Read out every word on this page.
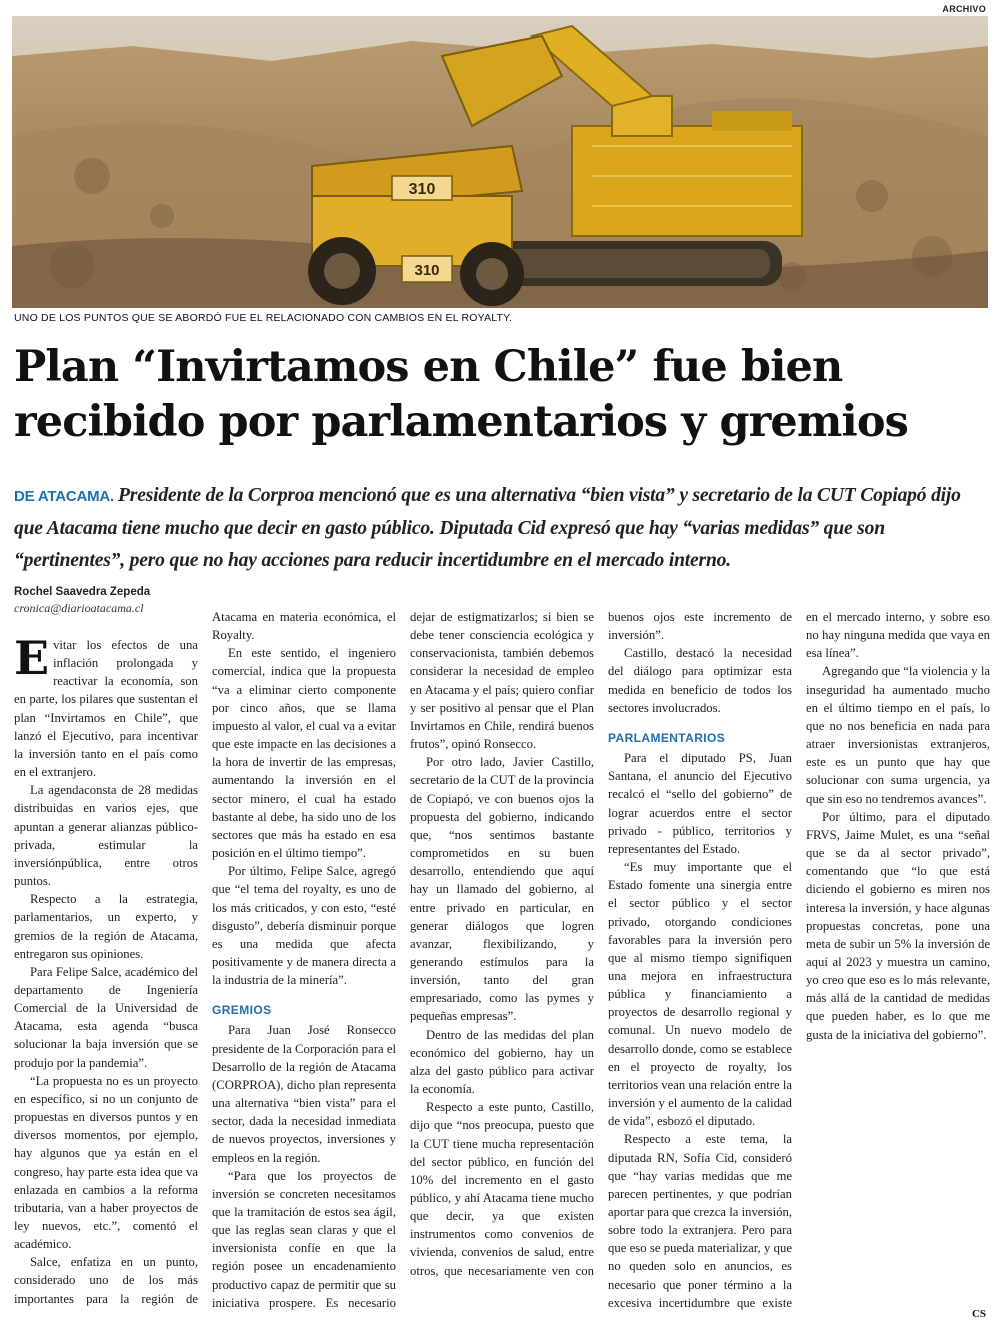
ARCHIVO
310
310
UNO DE LOS PUNTOS QUE SE ABORDÓ FUE EL RELACIONADO CON CAMBIOS EN EL ROYALTY.
Plan “Invirtamos en Chile” fue bien recibido por parlamentarios y gremios

DE ATACAMA. Presidente de la Corproa mencionó que es una alternativa “bien vista” y secretario de la CUT Copiapó dijo que Atacama tiene mucho que decir en gasto público. Diputada Cid expresó que hay “varias medidas” que son “pertinentes”, pero que no hay acciones para reducir incertidumbre en el mercado interno.

Rochel Saavedra Zepeda
cronica@diarioatacama.cl

Evitar los efectos de una inflación prolongada y reactivar la economía, son en parte, los pilares que sustentan el plan “Invirtamos en Chile”, que lanzó el Ejecutivo, para incentivar la inversión tanto en el país como en el extranjero.

La agendaconsta de 28 medidas distribuidas en varios ejes, que apuntan a generar alianzas público-privada, estimular la inversiónpública, entre otros puntos.

Respecto a la estrategia, parlamentarios, un experto, y gremios de la región de Atacama, entregaron sus opiniones.

Para Felipe Salce, académico del departamento de Ingeniería Comercial de la Universidad de Atacama, esta agenda “busca solucionar la baja inversión que se produjo por la pandemia”.

“La propuesta no es un proyecto en específico, si no un conjunto de propuestas en diversos puntos y en diversos momentos, por ejemplo, hay algunos que ya están en el congreso, hay parte esta idea que va enlazada en cambios a la reforma tributaria, van a haber proyectos de ley nuevos, etc.”, comentó el académico.

Salce, enfatiza en un punto, considerado uno de los más importantes para la región de Atacama en materia económica, el Royalty.

En este sentido, el ingeniero comercial, indica que la propuesta “va a eliminar cierto componente por cinco años, que se llama impuesto al valor, el cual va a evitar que este impacte en las decisiones a la hora de invertir de las empresas, aumentando la inversión en el sector minero, el cual ha estado bastante al debe, ha sido uno de los sectores que más ha estado en esa posición en el último tiempo”.

Por último, Felipe Salce, agregó que “el tema del royalty, es uno de los más criticados, y con esto, “esté disgusto”, debería disminuir porque es una medida que afecta positivamente y de manera directa a la industria de la minería”.

GREMIOS

Para Juan José Ronsecco presidente de la Corporación para el Desarrollo de la región de Atacama (CORPROA), dicho plan representa una alternativa “bien vista” para el sector, dada la necesidad inmediata de nuevos proyectos, inversiones y empleos en la región.

“Para que los proyectos de inversión se concreten necesitamos que la tramitación de estos sea ágil, que las reglas sean claras y que el inversionista confíe en que la región posee un encadenamiento productivo capaz de permitir que su iniciativa prospere. Es necesario dejar de estigmatizarlos; si bien se debe tener consciencia ecológica y conservacionista, también debemos considerar la necesidad de empleo en Atacama y el país; quiero confiar y ser positivo al pensar que el Plan Invirtamos en Chile, rendirá buenos frutos”, opinó Ronsecco.

Por otro lado, Javier Castillo, secretario de la CUT de la provincia de Copiapó, ve con buenos ojos la propuesta del gobierno, indicando que, “nos sentimos bastante comprometidos en su buen desarrollo, entendiendo que aquí hay un llamado del gobierno, al entre privado en particular, en generar diálogos que logren avanzar, flexibilizando, y generando estímulos para la inversión, tanto del gran empresariado, como las pymes y pequeñas empresas”.

Dentro de las medidas del plan económico del gobierno, hay un alza del gasto público para activar la economía.

Respecto a este punto, Castillo, dijo que “nos preocupa, puesto que la CUT tiene mucha representación del sector público, en función del 10% del incremento en el gasto público, y ahí Atacama tiene mucho que decir, ya que existen instrumentos como convenios de vivienda, convenios de salud, entre otros, que necesariamente ven con buenos ojos este incremento de inversión”.

Castillo, destacó la necesidad del diálogo para optimizar esta medida en beneficio de todos los sectores involucrados.

PARLAMENTARIOS

Para el diputado PS, Juan Santana, el anuncio del Ejecutivo recalcó el “sello del gobierno” de lograr acuerdos entre el sector privado - público, territorios y representantes del Estado.

“Es muy importante que el Estado fomente una sinergia entre el sector público y el sector privado, otorgando condiciones favorables para la inversión pero que al mismo tiempo signifiquen una mejora en infraestructura pública y financiamiento a proyectos de desarrollo regional y comunal. Un nuevo modelo de desarrollo donde, como se establece en el proyecto de royalty, los territorios vean una relación entre la inversión y el aumento de la calidad de vida”, esbozó el diputado.

Respecto a este tema, la diputada RN, Sofía Cid, consideró que “hay varias medidas que me parecen pertinentes, y que podrían aportar para que crezca la inversión, sobre todo la extranjera. Pero para que eso se pueda materializar, y que no queden solo en anuncios, es necesario que poner término a la excesiva incertidumbre que existe en el mercado interno, y sobre eso no hay ninguna medida que vaya en esa línea”.

Agregando que “la violencia y la inseguridad ha aumentado mucho en el último tiempo en el país, lo que no nos beneficia en nada para atraer inversionistas extranjeros, este es un punto que hay que solucionar con suma urgencia, ya que sin eso no tendremos avances”.

Por último, para el diputado FRVS, Jaime Mulet, es una “señal que se da al sector privado”, comentando que “lo que está diciendo el gobierno es miren nos interesa la inversión, y hace algunas propuestas concretas, pone una meta de subir un 5% la inversión de aquí al 2023 y muestra un camino, yo creo que eso es lo más relevante, más allá de la cantidad de medidas que pueden haber, es lo que me gusta de la iniciativa del gobierno”.

CS
